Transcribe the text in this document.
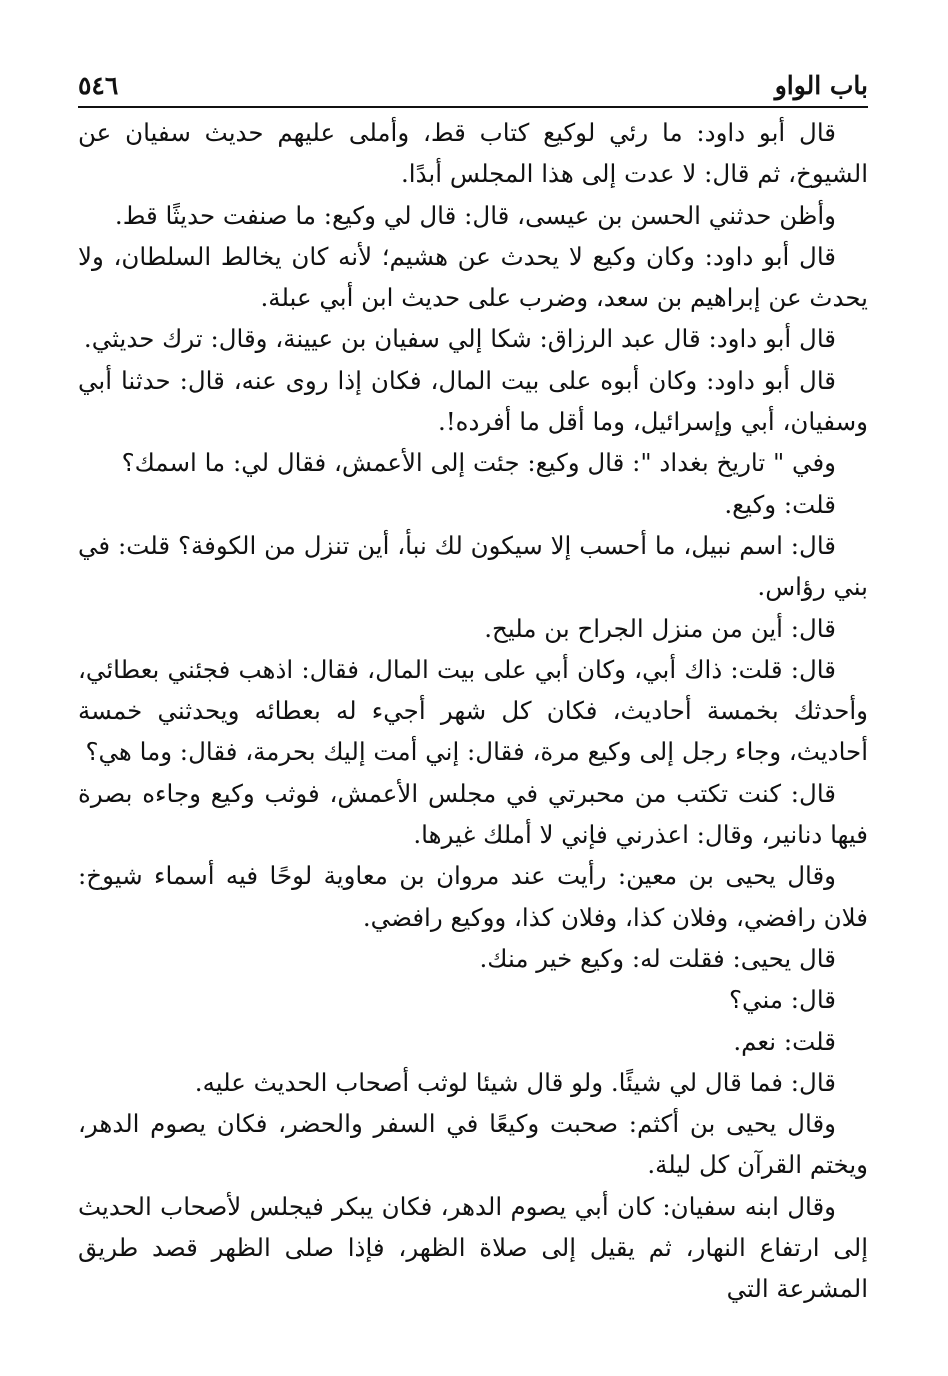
باب الواو
٥٤٦

قال أبو داود: ما رئي لوكيع كتاب قط، وأملى عليهم حديث سفيان عن الشيوخ، ثم قال: لا عدت إلى هذا المجلس أبدًا.

وأظن حدثني الحسن بن عيسى، قال: قال لي وكيع: ما صنفت حديثًا قط.

قال أبو داود: وكان وكيع لا يحدث عن هشيم؛ لأنه كان يخالط السلطان، ولا يحدث عن إبراهيم بن سعد، وضرب على حديث ابن أبي عبلة.

قال أبو داود: قال عبد الرزاق: شكا إلي سفيان بن عيينة، وقال: ترك حديثي.

قال أبو داود: وكان أبوه على بيت المال، فكان إذا روى عنه، قال: حدثنا أبي وسفيان، أبي وإسرائيل، وما أقل ما أفرده!.

وفي " تاريخ بغداد ": قال وكيع: جئت إلى الأعمش، فقال لي: ما اسمك؟

قلت: وكيع.

قال: اسم نبيل، ما أحسب إلا سيكون لك نبأ، أين تنزل من الكوفة؟ قلت: في بني رؤاس.

قال: أين من منزل الجراح بن مليح.

قال: قلت: ذاك أبي، وكان أبي على بيت المال، فقال: اذهب فجئني بعطائي، وأحدثك بخمسة أحاديث، فكان كل شهر أجيء له بعطائه ويحدثني خمسة أحاديث، وجاء رجل إلى وكيع مرة، فقال: إني أمت إليك بحرمة، فقال: وما هي؟

قال: كنت تكتب من محبرتي في مجلس الأعمش، فوثب وكيع وجاءه بصرة فيها دنانير، وقال: اعذرني فإني لا أملك غيرها.

وقال يحيى بن معين: رأيت عند مروان بن معاوية لوحًا فيه أسماء شيوخ: فلان رافضي، وفلان كذا، وفلان كذا، ووكيع رافضي.

قال يحيى: فقلت له: وكيع خير منك.

قال: مني؟

قلت: نعم.

قال: فما قال لي شيئًا. ولو قال شيئا لوثب أصحاب الحديث عليه.

وقال يحيى بن أكثم: صحبت وكيعًا في السفر والحضر، فكان يصوم الدهر، ويختم القرآن كل ليلة.

وقال ابنه سفيان: كان أبي يصوم الدهر، فكان يبكر فيجلس لأصحاب الحديث إلى ارتفاع النهار، ثم يقيل إلى صلاة الظهر، فإذا صلى الظهر قصد طريق المشرعة التي
